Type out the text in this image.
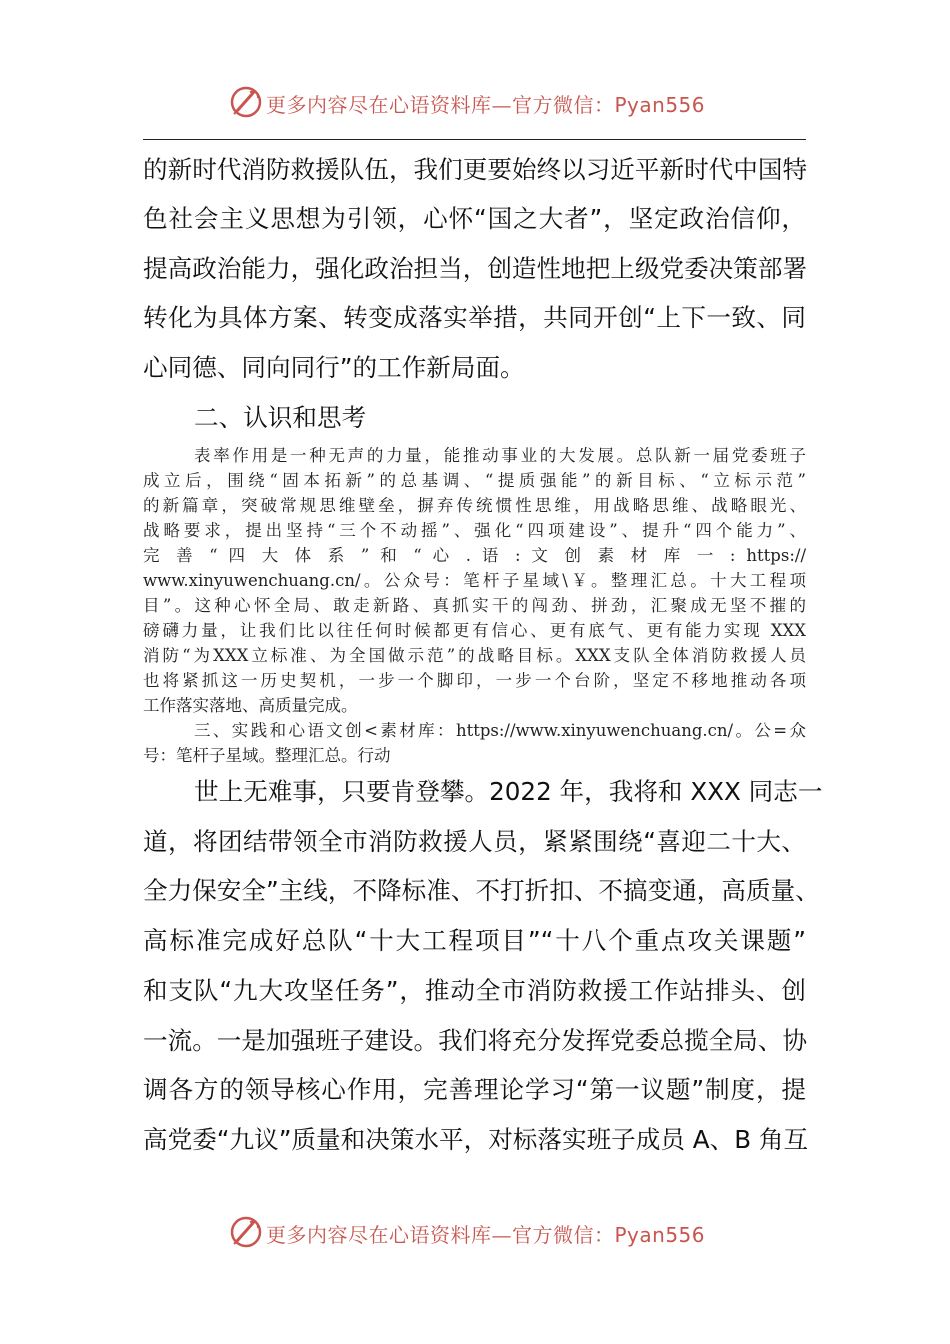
更多内容尽在心语资料库—官方微信：Pyan556
的新时代消防救援队伍，我们更要始终以习近平新时代中国特
色社会主义思想为引领，心怀“国之大者”，坚定政治信仰，
提高政治能力，强化政治担当，创造性地把上级党委决策部署
转化为具体方案、转变成落实举措，共同开创“上下一致、同
心同德、同向同行”的工作新局面。
二、认识和思考
表率作用是一种无声的力量，能推动事业的大发展。总队新一届党委班子
成立后，围绕“固本拓新”的总基调、“提质强能”的新目标、“立标示范”
的新篇章，突破常规思维壁垒，摒弃传统惯性思维，用战略思维、战略眼光、
战略要求，提出坚持“三个不动摇”、强化“四项建设”、提升“四个能力”、
完 善 “ 四 大 体 系 ” 和 “ 心 . 语 : 文 创 素 材 库 一 : https://
www.xinyuwenchuang.cn/。公众号：笔杆子星域\￥。整理汇总。十大工程项
目”。这种心怀全局、敢走新路、真抓实干的闯劲、拼劲，汇聚成无坚不摧的
磅礴力量，让我们比以往任何时候都更有信心、更有底气、更有能力实现 XXX
消防“为XXX立标准、为全国做示范”的战略目标。XXX支队全体消防救援人员
也将紧抓这一历史契机，一步一个脚印，一步一个台阶，坚定不移地推动各项
工作落实落地、高质量完成。
三、实践和心语文创<素材库：https://www.xinyuwenchuang.cn/。公=众
号：笔杆子星域。整理汇总。行动
世上无难事，只要肯登攀。2022 年，我将和 XXX 同志一
道，将团结带领全市消防救援人员，紧紧围绕“喜迎二十大、
全力保安全”主线，不降标准、不打折扣、不搞变通，高质量、
高标准完成好总队“十大工程项目”“十八个重点攻关课题”
和支队“九大攻坚任务”，推动全市消防救援工作站排头、创
一流。一是加强班子建设。我们将充分发挥党委总揽全局、协
调各方的领导核心作用，完善理论学习“第一议题”制度，提
高党委“九议”质量和决策水平，对标落实班子成员 A、B 角互
更多内容尽在心语资料库—官方微信：Pyan556
